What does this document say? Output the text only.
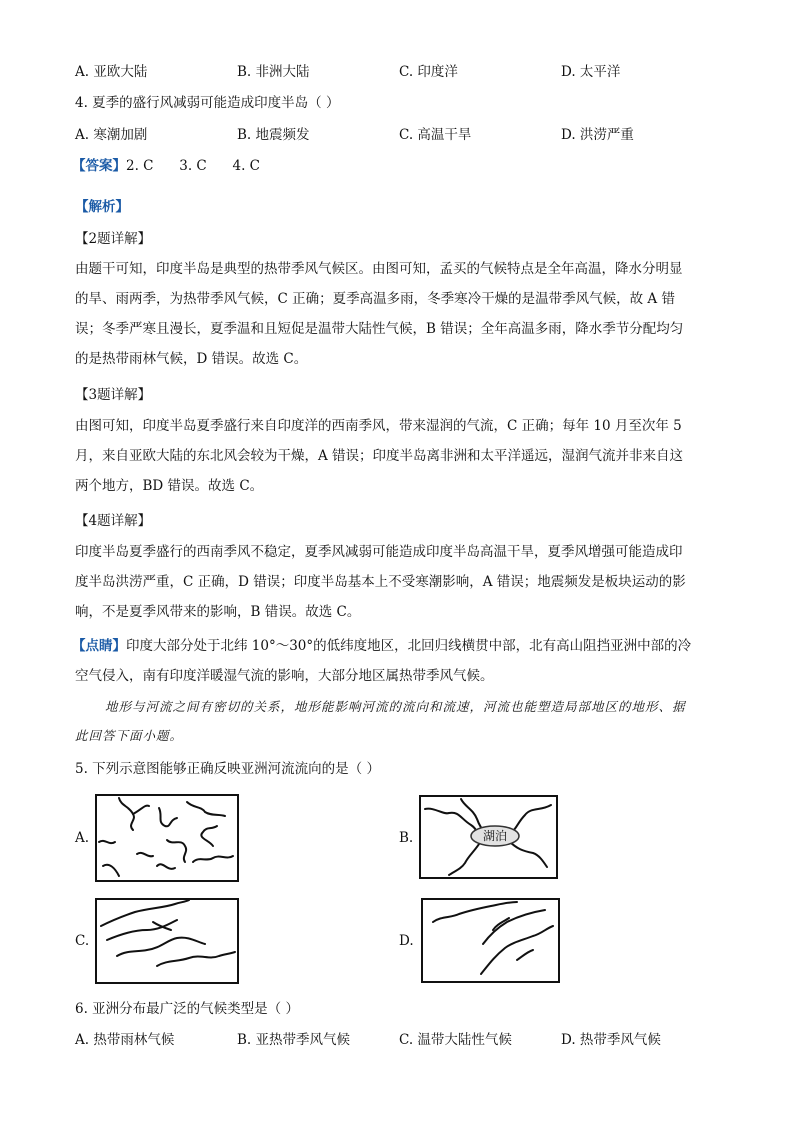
A. 亚欧大陆	B. 非洲大陆	C. 印度洋	D. 太平洋
4. 夏季的盛行风减弱可能造成印度半岛（ ）
A. 寒潮加剧	B. 地震频发	C. 高温干旱	D. 洪涝严重
【答案】2. C      3. C      4. C
【解析】
【2题详解】
由题干可知，印度半岛是典型的热带季风气候区。由图可知，孟买的气候特点是全年高温，降水分明显
的旱、雨两季，为热带季风气候，C 正确；夏季高温多雨，冬季寒冷干燥的是温带季风气候，故 A 错
误；冬季严寒且漫长，夏季温和且短促是温带大陆性气候，B 错误；全年高温多雨，降水季节分配均匀
的是热带雨林气候，D 错误。故选 C。
【3题详解】
由图可知，印度半岛夏季盛行来自印度洋的西南季风，带来湿润的气流，C 正确；每年 10 月至次年 5
月，来自亚欧大陆的东北风会较为干燥，A 错误；印度半岛离非洲和太平洋遥远，湿润气流并非来自这
两个地方，BD 错误。故选 C。
【4题详解】
印度半岛夏季盛行的西南季风不稳定，夏季风减弱可能造成印度半岛高温干旱，夏季风增强可能造成印
度半岛洪涝严重，C 正确，D 错误；印度半岛基本上不受寒潮影响，A 错误；地震频发是板块运动的影
响，不是夏季风带来的影响，B 错误。故选 C。
【点睛】印度大部分处于北纬 10°～30°的低纬度地区，北回归线横贯中部，北有高山阻挡亚洲中部的冷
空气侵入，南有印度洋暖湿气流的影响，大部分地区属热带季风气候。
地形与河流之间有密切的关系，地形能影响河流的流向和流速，河流也能塑造局部地区的地形、据
此回答下面小题。
5. 下列示意图能够正确反映亚洲河流流向的是（ ）
A.	B.	湖泊
C.	D.
6. 亚洲分布最广泛的气候类型是（ ）
A. 热带雨林气候	B. 亚热带季风气候	C. 温带大陆性气候	D. 热带季风气候
